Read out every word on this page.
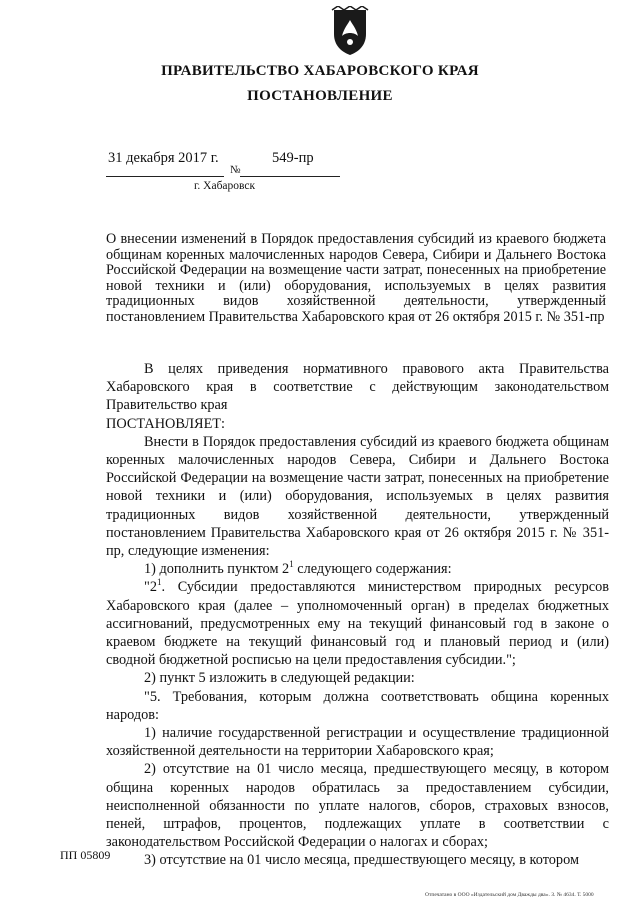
ПРАВИТЕЛЬСТВО ХАБАРОВСКОГО КРАЯ
ПОСТАНОВЛЕНИЕ
31 декабря 2017 г.
№
549-пр
г. Хабаровск
О внесении изменений в Порядок предоставления субсидий из краевого бюджета общинам коренных малочисленных народов Севера, Сибири и Дальнего Востока Российской Федерации на возмещение части затрат, понесенных на приобретение новой техники и (или) оборудования, используемых в целях развития традиционных видов хозяйственной деятельности, утвержденный постановлением Правительства Хабаровского края от 26 октября 2015 г. № 351-пр

В целях приведения нормативного правового акта Правительства Хабаровского края в соответствие с действующим законодательством Правительство края

ПОСТАНОВЛЯЕТ:

Внести в Порядок предоставления субсидий из краевого бюджета общинам коренных малочисленных народов Севера, Сибири и Дальнего Востока Российской Федерации на возмещение части затрат, понесенных на приобретение новой техники и (или) оборудования, используемых в целях развития традиционных видов хозяйственной деятельности, утвержденный постановлением Правительства Хабаровского края от 26 октября 2015 г. № 351-пр, следующие изменения:

1) дополнить пунктом $2^1$ следующего содержания:

"$2^1$. Субсидии предоставляются министерством природных ресурсов Хабаровского края (далее – уполномоченный орган) в пределах бюджетных ассигнований, предусмотренных ему на текущий финансовый год в законе о краевом бюджете на текущий финансовый год и плановый период и (или) сводной бюджетной росписью на цели предоставления субсидии.";

2) пункт 5 изложить в следующей редакции:

"5. Требования, которым должна соответствовать община коренных народов:

1) наличие государственной регистрации и осуществление традиционной хозяйственной деятельности на территории Хабаровского края;

2) отсутствие на 01 число месяца, предшествующего месяцу, в котором община коренных народов обратилась за предоставлением субсидии, неисполненной обязанности по уплате налогов, сборов, страховых взносов, пеней, штрафов, процентов, подлежащих уплате в соответствии с законодательством Российской Федерации о налогах и сборах;

3) отсутствие на 01 число месяца, предшествующего месяцу, в котором

ПП 05809
Отпечатано в ООО «Издательский дом Дважды два». З. № 4634. Т. 5000
